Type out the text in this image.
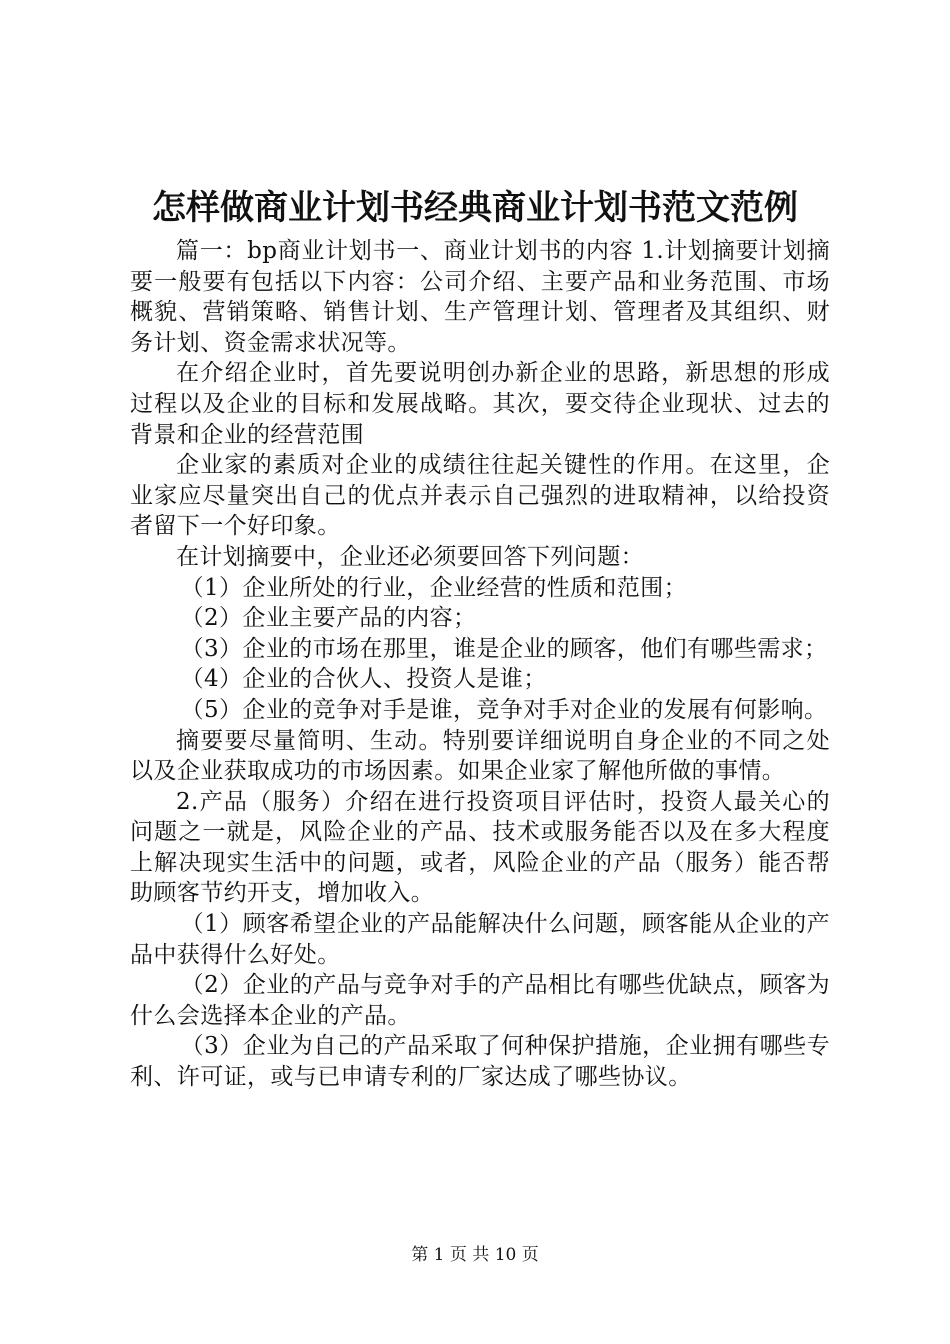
怎样做商业计划书经典商业计划书范文范例

篇一：bp商业计划书一、商业计划书的内容 1.计划摘要计划摘要一般要有包括以下内容：公司介绍、主要产品和业务范围、市场概貌、营销策略、销售计划、生产管理计划、管理者及其组织、财务计划、资金需求状况等。

在介绍企业时，首先要说明创办新企业的思路，新思想的形成过程以及企业的目标和发展战略。其次，要交待企业现状、过去的背景和企业的经营范围

企业家的素质对企业的成绩往往起关键性的作用。在这里，企业家应尽量突出自己的优点并表示自己强烈的进取精神，以给投资者留下一个好印象。

在计划摘要中，企业还必须要回答下列问题：

（1）企业所处的行业，企业经营的性质和范围；

（2）企业主要产品的内容；

（3）企业的市场在那里，谁是企业的顾客，他们有哪些需求；

（4）企业的合伙人、投资人是谁；

（5）企业的竞争对手是谁，竞争对手对企业的发展有何影响。

摘要要尽量简明、生动。特别要详细说明自身企业的不同之处以及企业获取成功的市场因素。如果企业家了解他所做的事情。

2.产品（服务）介绍在进行投资项目评估时，投资人最关心的问题之一就是，风险企业的产品、技术或服务能否以及在多大程度上解决现实生活中的问题，或者，风险企业的产品（服务）能否帮助顾客节约开支，增加收入。

（1）顾客希望企业的产品能解决什么问题，顾客能从企业的产品中获得什么好处。

（2）企业的产品与竞争对手的产品相比有哪些优缺点，顾客为什么会选择本企业的产品。

（3）企业为自己的产品采取了何种保护措施，企业拥有哪些专利、许可证，或与已申请专利的厂家达成了哪些协议。

第 1 页 共 10 页
